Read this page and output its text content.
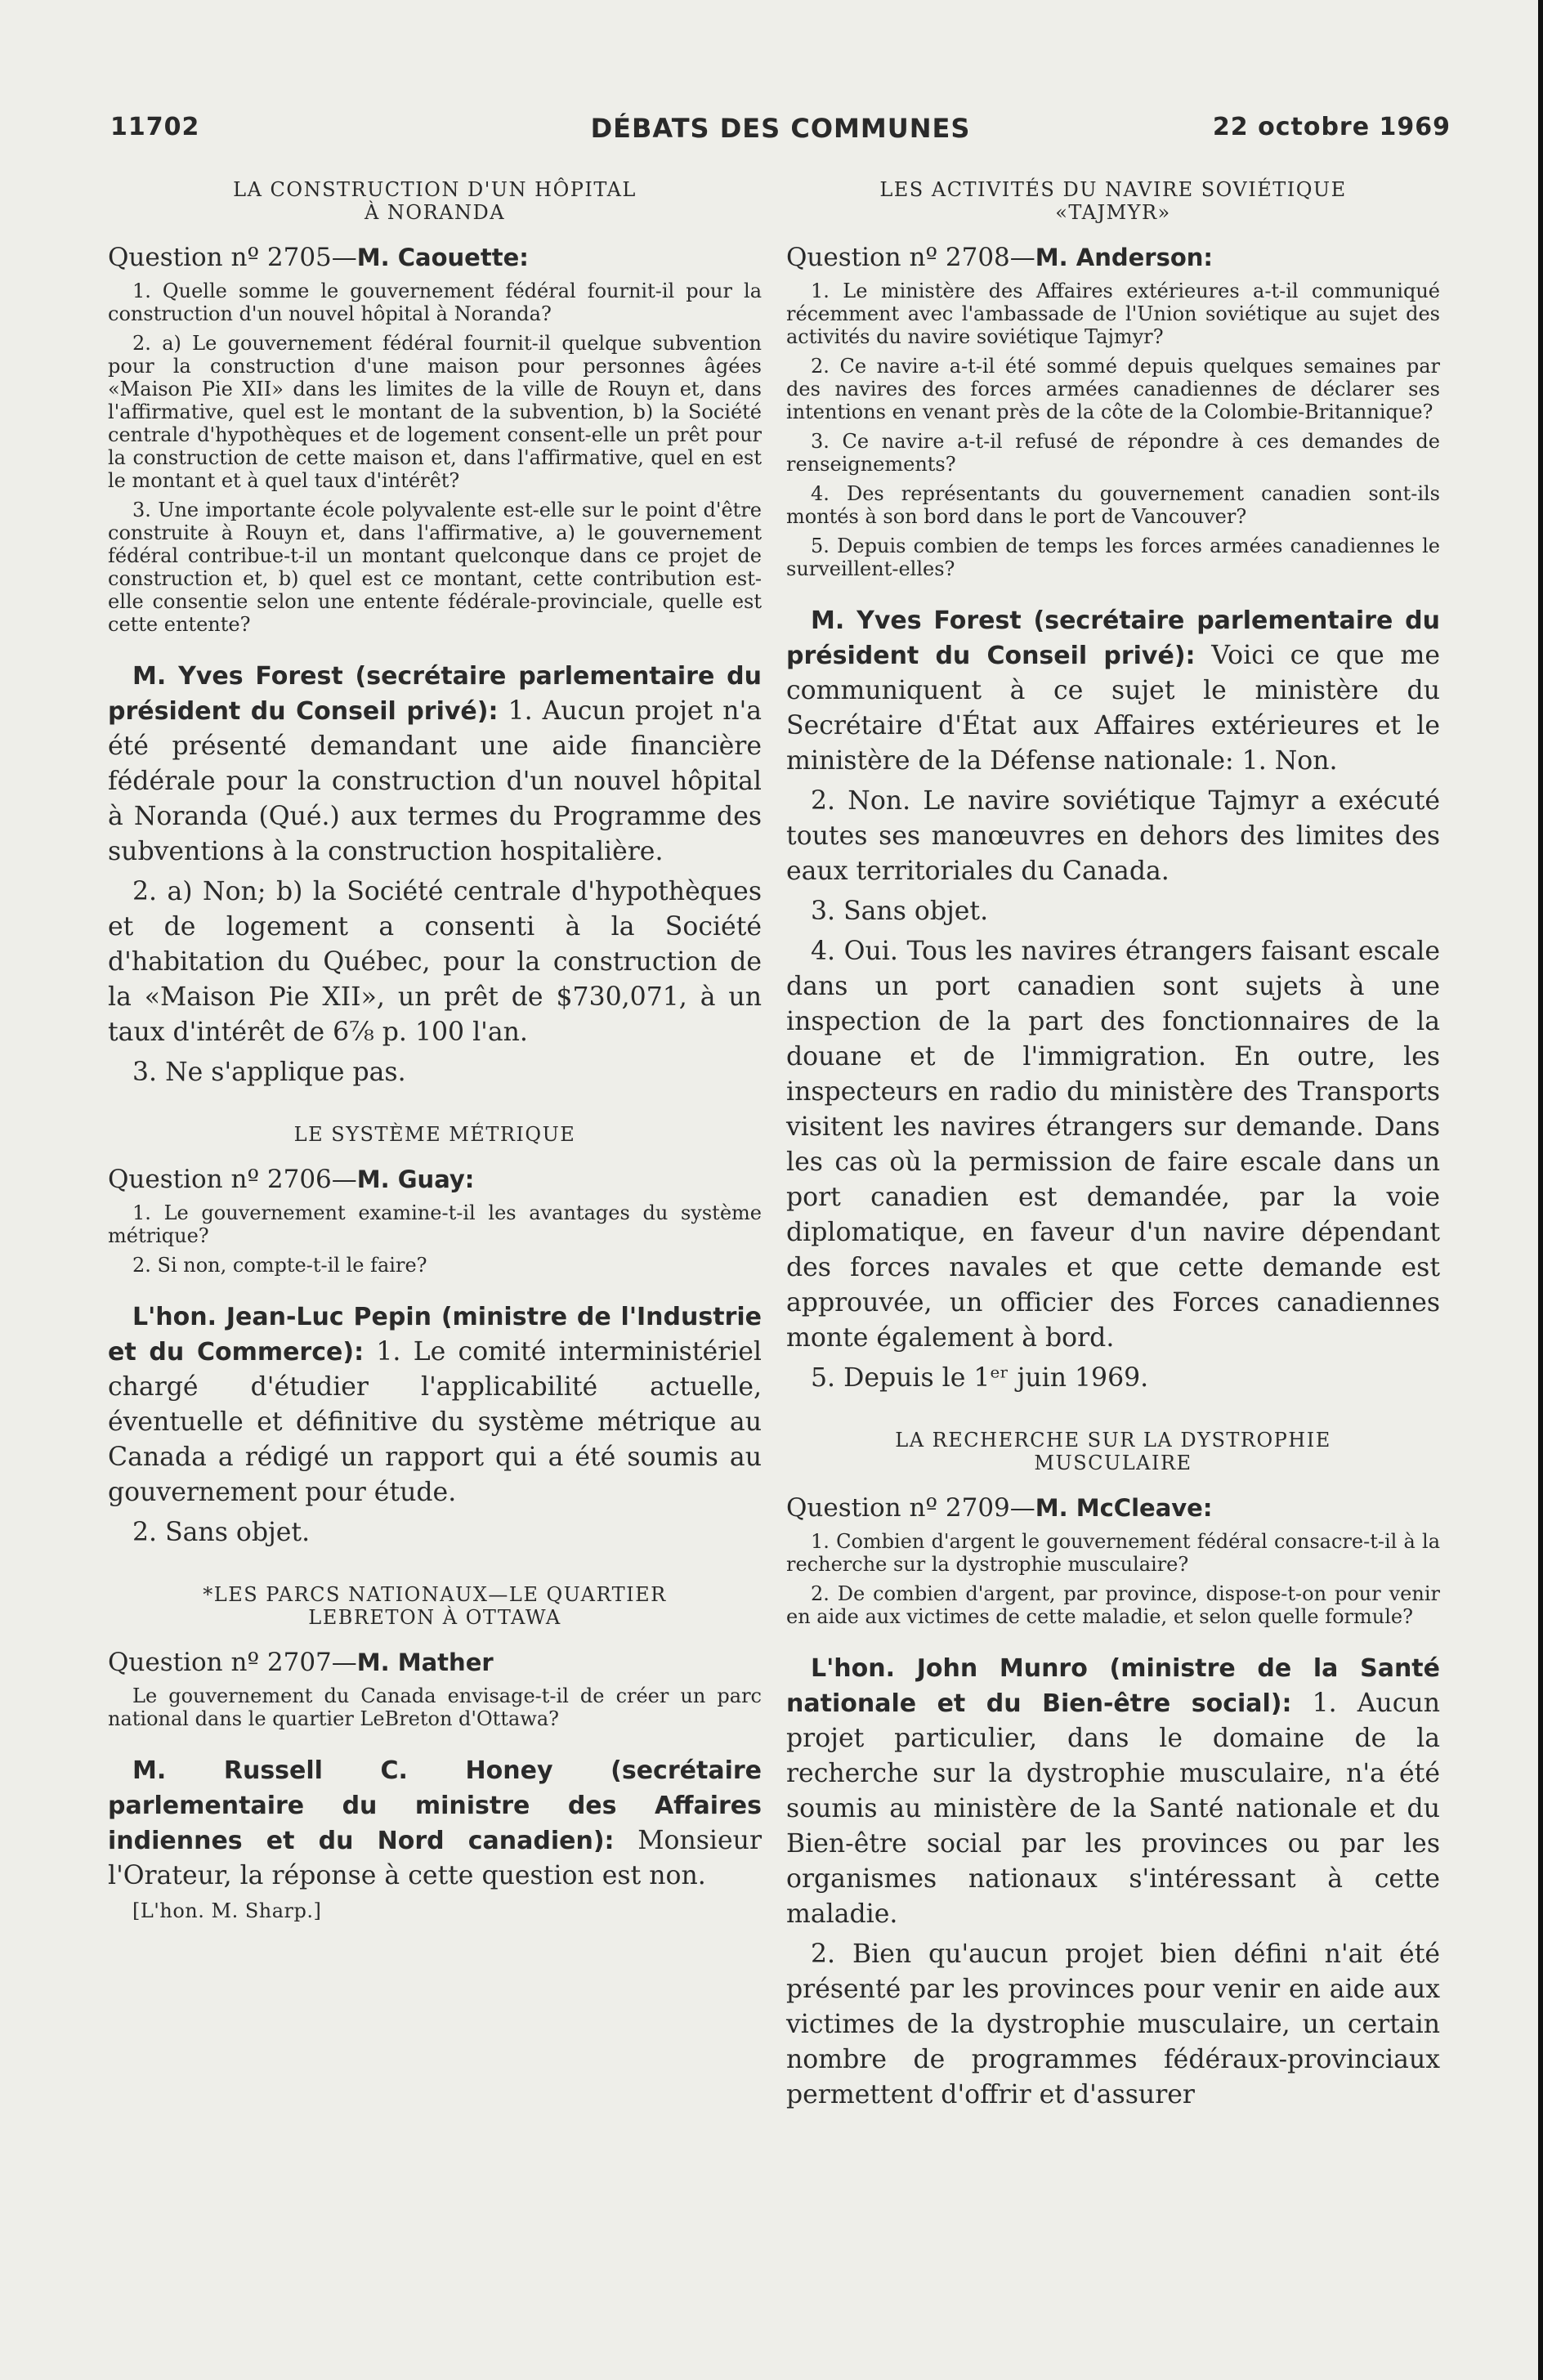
11702	DÉBATS DES COMMUNES	22 octobre 1969
LA CONSTRUCTION D'UN HÔPITAL
À NORANDA
Question nº 2705—M. Caouette:

1. Quelle somme le gouvernement fédéral fournit-il pour la construction d'un nouvel hôpital à Noranda?

2. a) Le gouvernement fédéral fournit-il quelque subvention pour la construction d'une maison pour personnes âgées «Maison Pie XII» dans les limites de la ville de Rouyn et, dans l'affirmative, quel est le montant de la subvention, b) la Société centrale d'hypothèques et de logement consent-elle un prêt pour la construction de cette maison et, dans l'affirmative, quel en est le montant et à quel taux d'intérêt?

3. Une importante école polyvalente est-elle sur le point d'être construite à Rouyn et, dans l'affirmative, a) le gouvernement fédéral contribue-t-il un montant quelconque dans ce projet de construction et, b) quel est ce montant, cette contribution est-elle consentie selon une entente fédérale-provinciale, quelle est cette entente?

M. Yves Forest (secrétaire parlementaire du président du Conseil privé): 1. Aucun projet n'a été présenté demandant une aide financière fédérale pour la construction d'un nouvel hôpital à Noranda (Qué.) aux termes du Programme des subventions à la construction hospitalière.

2. a) Non; b) la Société centrale d'hypothèques et de logement a consenti à la Société d'habitation du Québec, pour la construction de la «Maison Pie XII», un prêt de $730,071, à un taux d'intérêt de 6⅞ p. 100 l'an.

3. Ne s'applique pas.

LE SYSTÈME MÉTRIQUE
Question nº 2706—M. Guay:

1. Le gouvernement examine-t-il les avantages du système métrique?

2. Si non, compte-t-il le faire?

L'hon. Jean-Luc Pepin (ministre de l'Industrie et du Commerce): 1. Le comité interministériel chargé d'étudier l'applicabilité actuelle, éventuelle et définitive du système métrique au Canada a rédigé un rapport qui a été soumis au gouvernement pour étude.

2. Sans objet.

*LES PARCS NATIONAUX—LE QUARTIER
LEBRETON À OTTAWA
Question nº 2707—M. Mather

Le gouvernement du Canada envisage-t-il de créer un parc national dans le quartier LeBreton d'Ottawa?

M. Russell C. Honey (secrétaire parlementaire du ministre des Affaires indiennes et du Nord canadien): Monsieur l'Orateur, la réponse à cette question est non.

[L'hon. M. Sharp.]
LES ACTIVITÉS DU NAVIRE SOVIÉTIQUE
«TAJMYR»
Question nº 2708—M. Anderson:

1. Le ministère des Affaires extérieures a-t-il communiqué récemment avec l'ambassade de l'Union soviétique au sujet des activités du navire soviétique Tajmyr?

2. Ce navire a-t-il été sommé depuis quelques semaines par des navires des forces armées canadiennes de déclarer ses intentions en venant près de la côte de la Colombie-Britannique?

3. Ce navire a-t-il refusé de répondre à ces demandes de renseignements?

4. Des représentants du gouvernement canadien sont-ils montés à son bord dans le port de Vancouver?

5. Depuis combien de temps les forces armées canadiennes le surveillent-elles?

M. Yves Forest (secrétaire parlementaire du président du Conseil privé): Voici ce que me communiquent à ce sujet le ministère du Secrétaire d'État aux Affaires extérieures et le ministère de la Défense nationale: 1. Non.

2. Non. Le navire soviétique Tajmyr a exécuté toutes ses manœuvres en dehors des limites des eaux territoriales du Canada.

3. Sans objet.

4. Oui. Tous les navires étrangers faisant escale dans un port canadien sont sujets à une inspection de la part des fonctionnaires de la douane et de l'immigration. En outre, les inspecteurs en radio du ministère des Transports visitent les navires étrangers sur demande. Dans les cas où la permission de faire escale dans un port canadien est demandée, par la voie diplomatique, en faveur d'un navire dépendant des forces navales et que cette demande est approuvée, un officier des Forces canadiennes monte également à bord.

5. Depuis le 1ᵉʳ juin 1969.

LA RECHERCHE SUR LA DYSTROPHIE
MUSCULAIRE
Question nº 2709—M. McCleave:

1. Combien d'argent le gouvernement fédéral consacre-t-il à la recherche sur la dystrophie musculaire?

2. De combien d'argent, par province, dispose-t-on pour venir en aide aux victimes de cette maladie, et selon quelle formule?

L'hon. John Munro (ministre de la Santé nationale et du Bien-être social): 1. Aucun projet particulier, dans le domaine de la recherche sur la dystrophie musculaire, n'a été soumis au ministère de la Santé nationale et du Bien-être social par les provinces ou par les organismes nationaux s'intéressant à cette maladie.

2. Bien qu'aucun projet bien défini n'ait été présenté par les provinces pour venir en aide aux victimes de la dystrophie musculaire, un certain nombre de programmes fédéraux-provinciaux permettent d'offrir et d'assurer
